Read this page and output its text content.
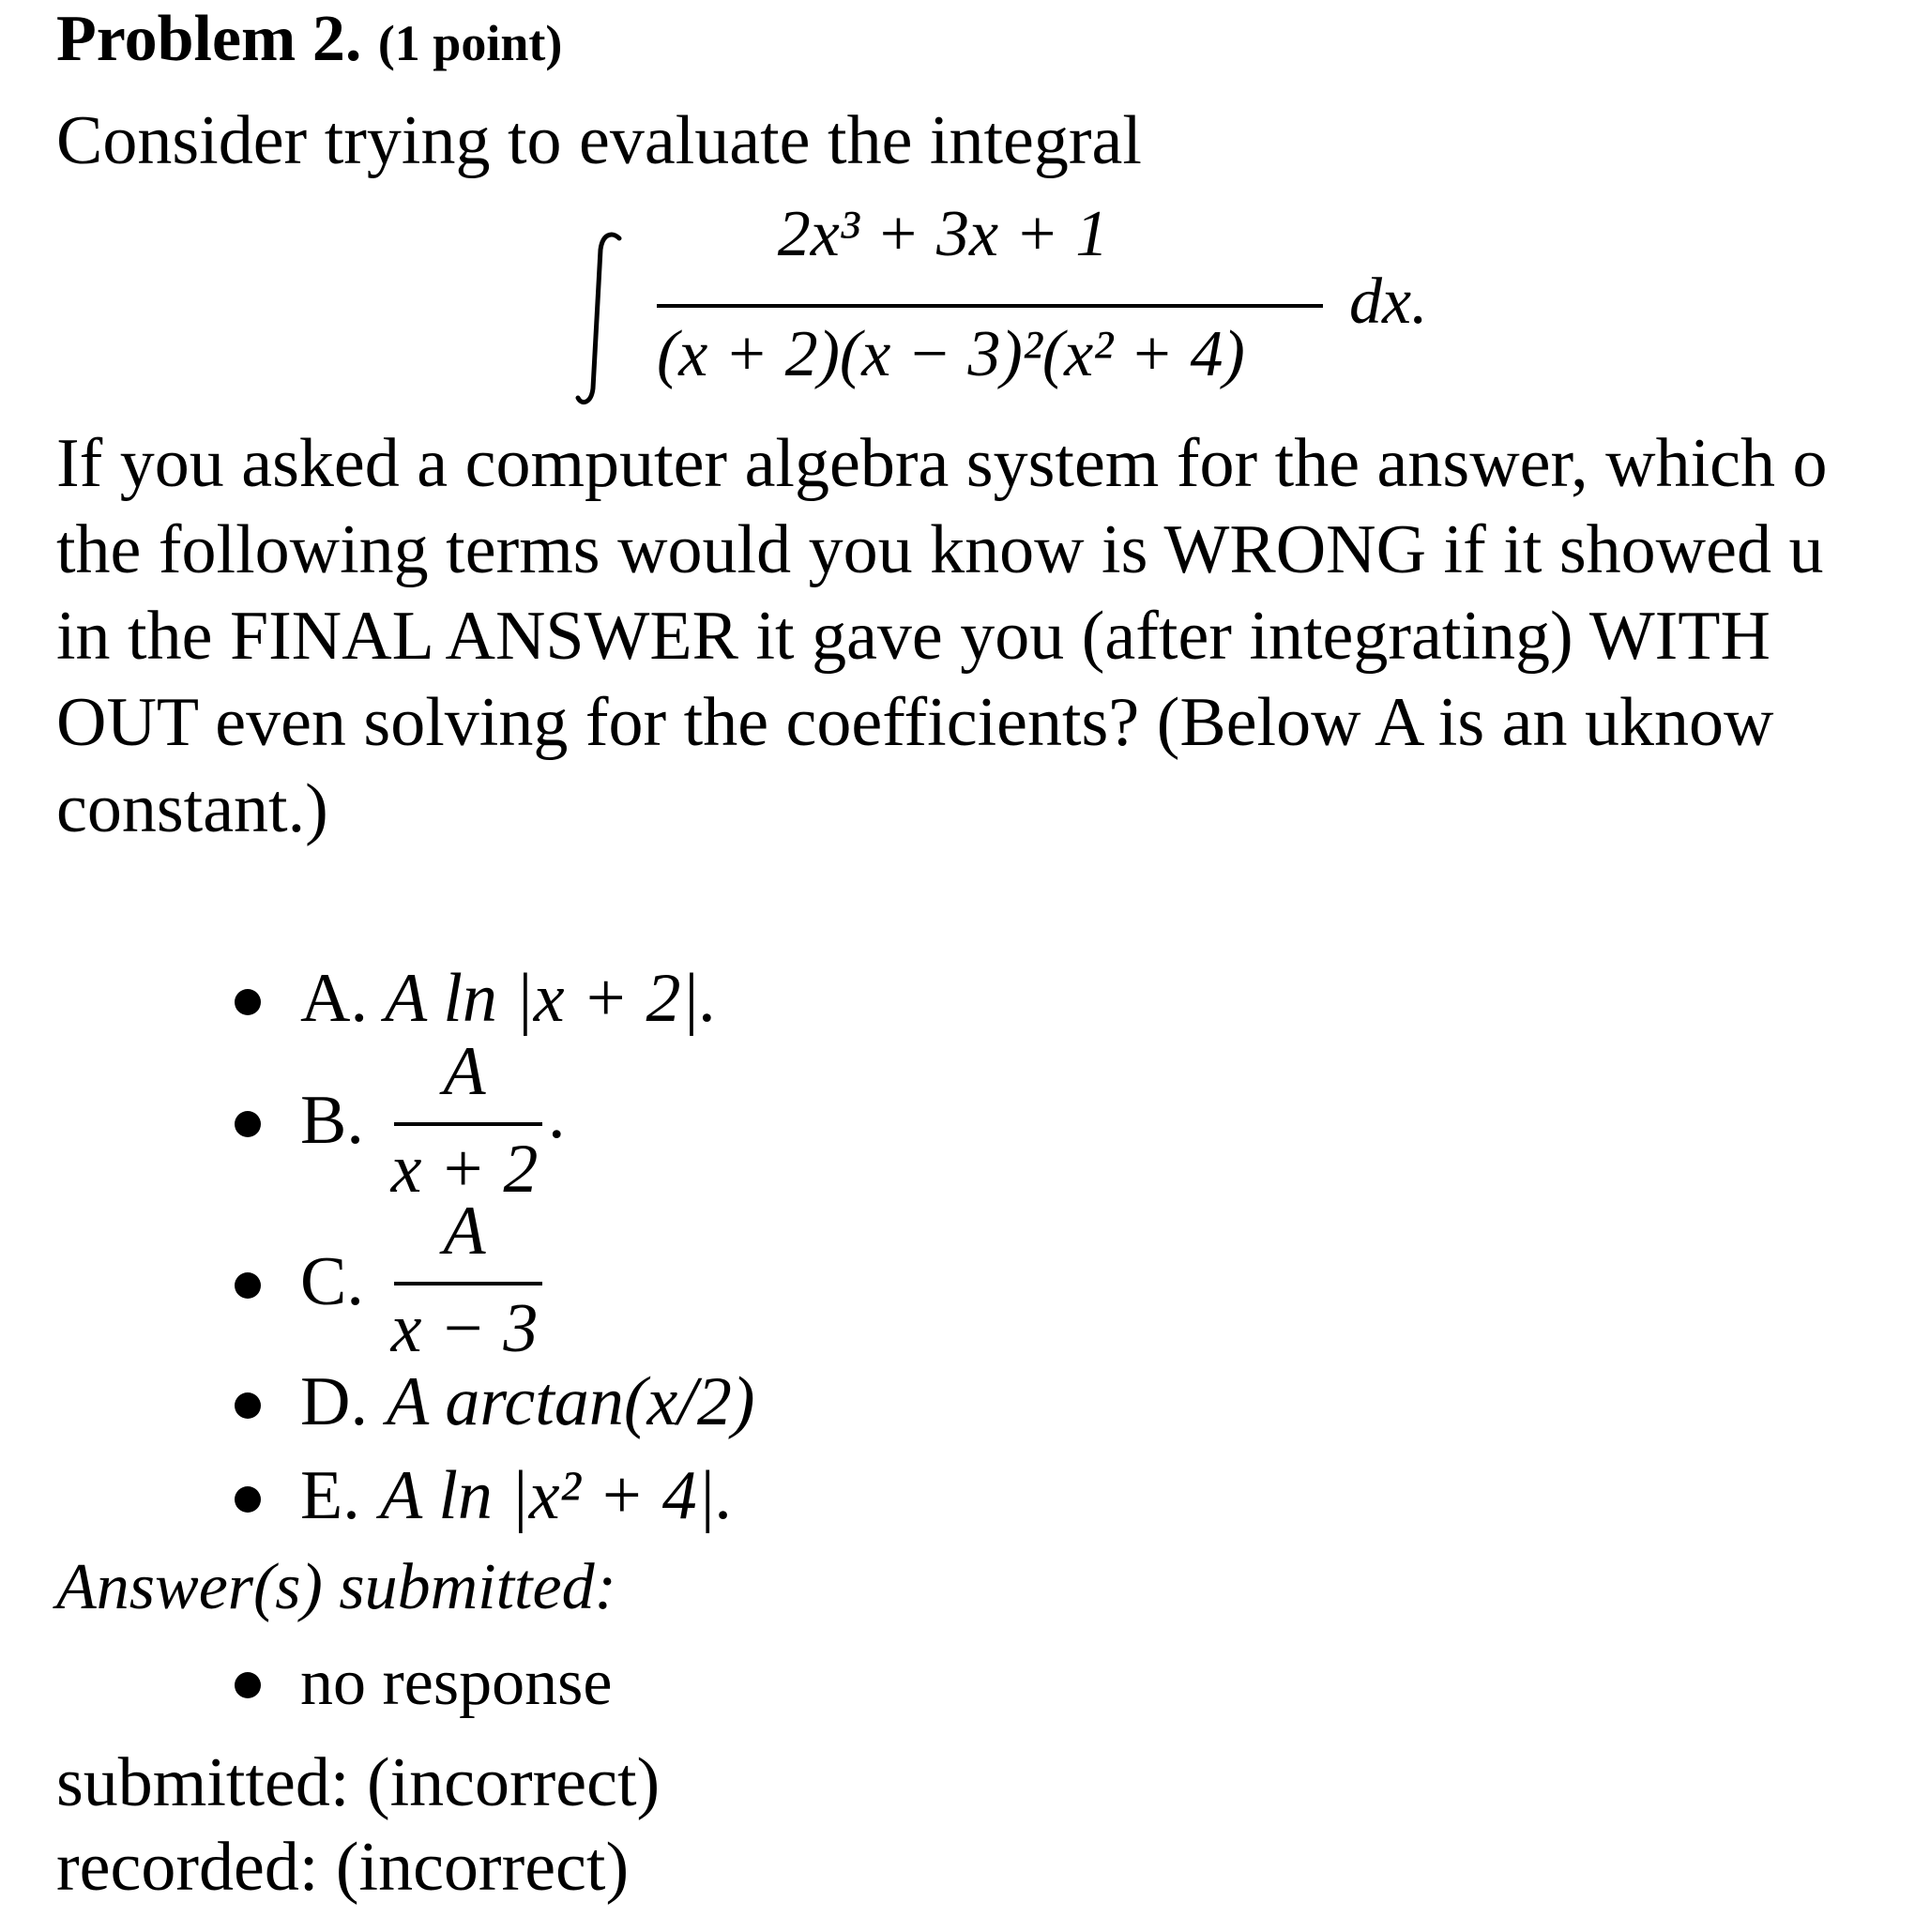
Problem 2. (1 point)
Consider trying to evaluate the integral
2x³ + 3x + 1
(x + 2)(x − 3)²(x² + 4)
dx.
If you asked a computer algebra system for the answer, which o
the following terms would you know is WRONG if it showed u
in the FINAL ANSWER it gave you (after integrating) WITH
OUT even solving for the coefficients? (Below A is an uknow
constant.)
A. A ln |x + 2|.
B.
A
x + 2
.
C.
A
x − 3
D. A arctan(x/2)
E. A ln |x² + 4|.
Answer(s) submitted:
no response
submitted: (incorrect)
recorded: (incorrect)
